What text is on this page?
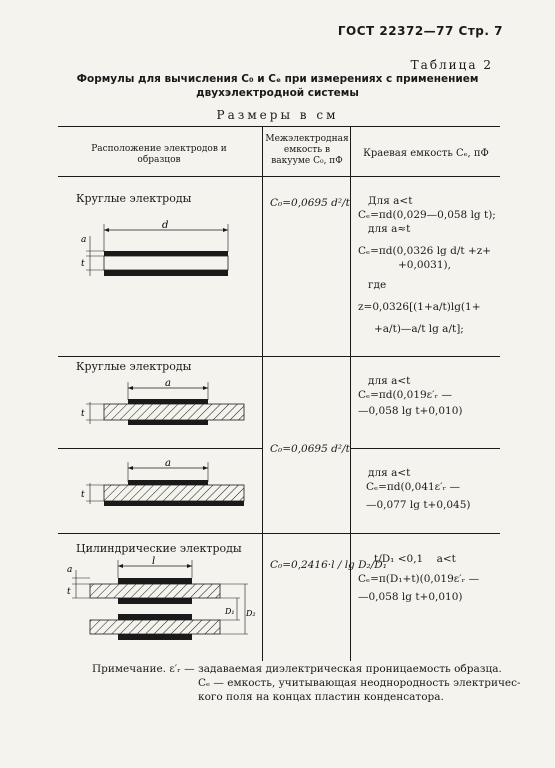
ГОСТ 22372—77 Стр. 7
Таблица 2
Формулы для вычисления C₀ и Cₑ при измерениях с применением
двухэлектродной системы
Размеры в см
Расположение электродов и образцов
Межэлектродная емкость в вакууме C₀, пФ
Краевая емкость Cₑ, пФ
Круглые электроды
d
a
t
C₀=0,0695 d²/t Для a<t
Cₑ=πd(0,029—0,058 lg t);
для a≈t
Cₑ=πd(0,0326 lg d/t +z+
+0,0031),
где
z=0,0326[(1+a/t)lg(1+
+a/t)—a/t lg a/t];
Круглые электроды
a
t
для a<t
Cₑ=πd(0,019ε′ᵣ —
—0,058 lg t+0,010)
C₀=0,0695 d²/t
a
t
для a<t
Cₑ=πd(0,041ε′ᵣ —
—0,077 lg t+0,045)
Цилиндрические электроды
l
a
t
D₁ D₂
C₀=0,2416·l / lg D₂/D₁
t/D₁ <0,1    a<t
Cₑ=π(D₁+t)(0,019ε′ᵣ —
—0,058 lg t+0,010)
Примечание. ε′ᵣ — задаваемая диэлектрическая проницаемость образца.
Cₑ — емкость, учитывающая неоднородность электричес-
кого поля на концах пластин конденсатора.
